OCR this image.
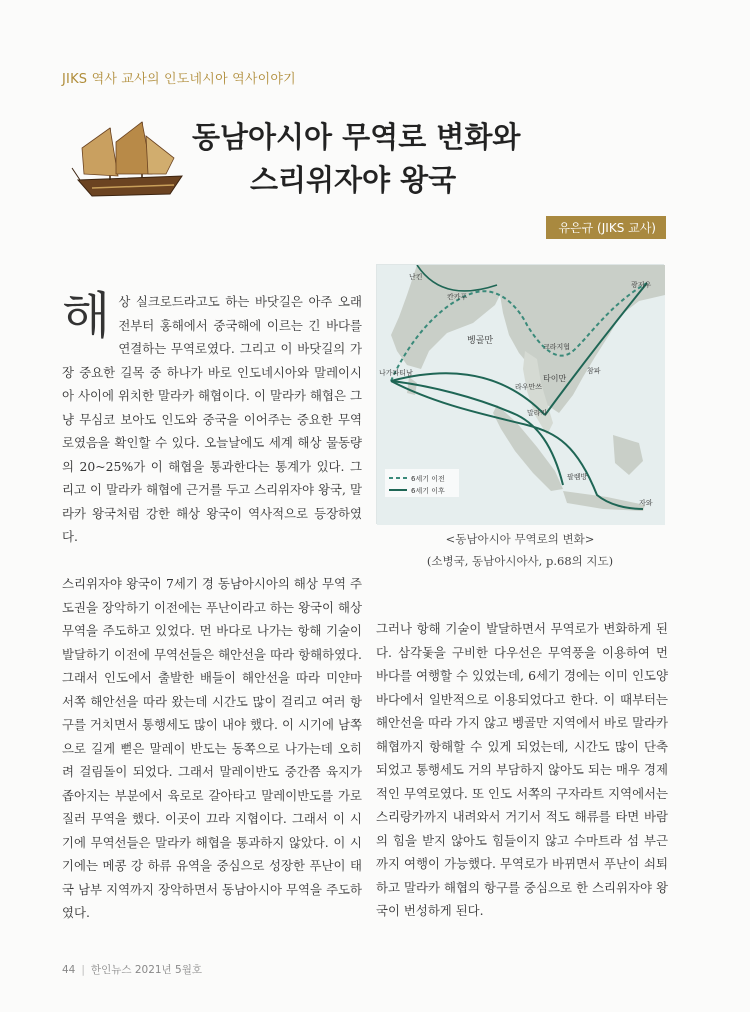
JIKS 역사 교사의 인도네시아 역사이야기
동남아시아 무역로 변화와
스리위자야 왕국
유은규 (JIKS 교사)

해상 실크로드라고도 하는 바닷길은 아주 오래전부터 홍해에서 중국해에 이르는 긴 바다를 연결하는 무역로였다. 그리고 이 바닷길의 가장 중요한 길목 중 하나가 바로 인도네시아와 말레이시아 사이에 위치한 말라카 해협이다. 이 말라카 해협은 그냥 무심코 보아도 인도와 중국을 이어주는 중요한 무역로였음을 확인할 수 있다. 오늘날에도 세계 해상 물동량의 20~25%가 이 해협을 통과한다는 통계가 있다. 그리고 이 말라카 해협에 근거를 두고 스리위자야 왕국, 말라카 왕국처럼 강한 해상 왕국이 역사적으로 등장하였다.

스리위자야 왕국이 7세기 경 동남아시아의 해상 무역 주도권을 장악하기 이전에는 푸난이라고 하는 왕국이 해상 무역을 주도하고 있었다. 먼 바다로 나가는 항해 기술이 발달하기 이전에 무역선들은 해안선을 따라 항해하였다. 그래서 인도에서 출발한 배들이 해안선을 따라 미얀마 서쪽 해안선을 따라 왔는데 시간도 많이 걸리고 여러 항구를 거치면서 통행세도 많이 내야 했다. 이 시기에 남쪽으로 길게 뻗은 말레이 반도는 동쪽으로 나가는데 오히려 걸림돌이 되었다. 그래서 말레이반도 중간쯤 육지가 좁아지는 부분에서 육로로 갈아타고 말레이반도를 가로질러 무역을 했다. 이곳이 끄라 지협이다. 그래서 이 시기에 무역선들은 말라카 해협을 통과하지 않았다. 이 시기에는 메콩 강 하류 유역을 중심으로 성장한 푸난이 태국 남부 지역까지 장악하면서 동남아시아 무역을 주도하였다.

난킨
광저우
칸카푸
벵골만
크라지협
타이만
라우만쓰
나가파티남	참파
말라카
팔렘방
자와
6세기 이전
6세기 이후
<동남아시아 무역로의 변화>
(소병국, 동남아시아사, p.68의 지도)

그러나 항해 기술이 발달하면서 무역로가 변화하게 된다. 삼각돛을 구비한 다우선은 무역풍을 이용하여 먼 바다를 여행할 수 있었는데, 6세기 경에는 이미 인도양 바다에서 일반적으로 이용되었다고 한다. 이 때부터는 해안선을 따라 가지 않고 벵골만 지역에서 바로 말라카 해협까지 항해할 수 있게 되었는데, 시간도 많이 단축되었고 통행세도 거의 부담하지 않아도 되는 매우 경제적인 무역로였다. 또 인도 서쪽의 구자라트 지역에서는 스리랑카까지 내려와서 거기서 적도 해류를 타면 바람의 힘을 받지 않아도 힘들이지 않고 수마트라 섬 부근까지 여행이 가능했다. 무역로가 바뀌면서 푸난이 쇠퇴하고 말라카 해협의 항구를 중심으로 한 스리위자야 왕국이 번성하게 된다.

44 | 한인뉴스 2021년 5월호
